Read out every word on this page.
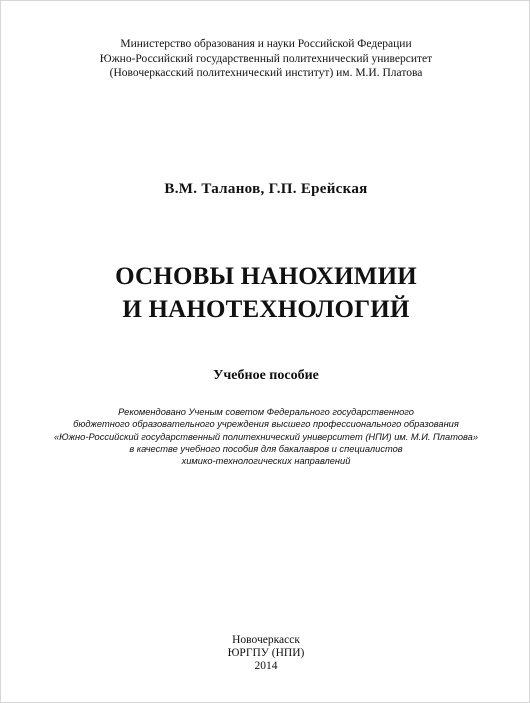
Министерство образования и науки Российской Федерации
Южно-Российский государственный политехнический университет
(Новочеркасский политехнический институт) им. М.И. Платова
В.М. Таланов, Г.П. Ерейская
ОСНОВЫ НАНОХИМИИ
И НАНОТЕХНОЛОГИЙ
Учебное пособие
Рекомендовано Ученым советом Федерального государственного
бюджетного образовательного учреждения высшего профессионального образования
«Южно-Российский государственный политехнический университет (НПИ) им. М.И. Платова»
в качестве учебного пособия для бакалавров и специалистов
химико-технологических направлений
Новочеркасск
ЮРГПУ (НПИ)
2014
